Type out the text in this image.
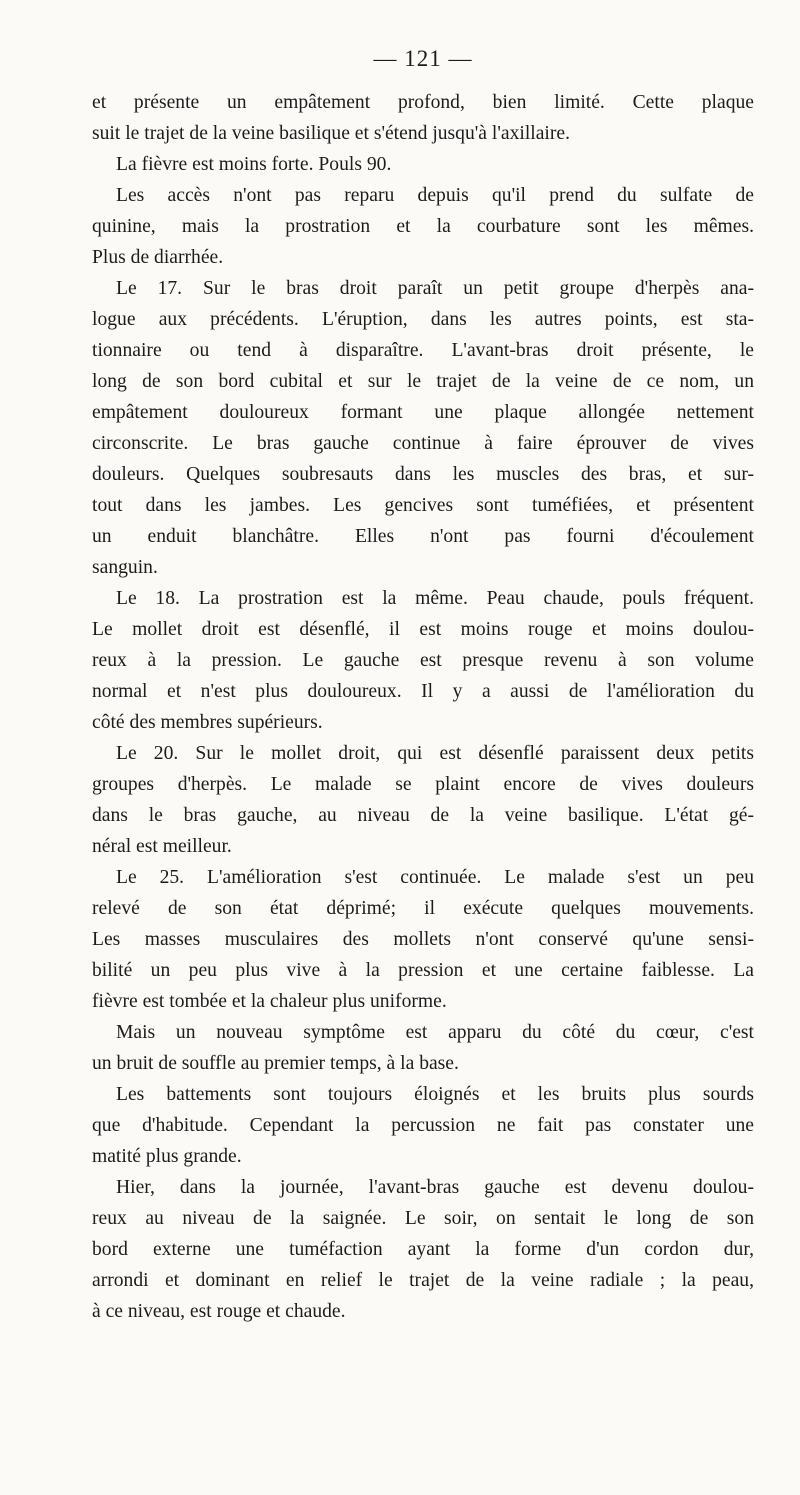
— 121 —
et présente un empâtement profond, bien limité. Cette plaque
suit le trajet de la veine basilique et s'étend jusqu'à l'axillaire.
La fièvre est moins forte. Pouls 90.
Les accès n'ont pas reparu depuis qu'il prend du sulfate de
quinine, mais la prostration et la courbature sont les mêmes.
Plus de diarrhée.
Le 17. Sur le bras droit paraît un petit groupe d'herpès ana-
logue aux précédents. L'éruption, dans les autres points, est sta-
tionnaire ou tend à disparaître. L'avant-bras droit présente, le
long de son bord cubital et sur le trajet de la veine de ce nom, un
empâtement douloureux formant une plaque allongée nettement
circonscrite. Le bras gauche continue à faire éprouver de vives
douleurs. Quelques soubresauts dans les muscles des bras, et sur-
tout dans les jambes. Les gencives sont tuméfiées, et présentent
un enduit blanchâtre. Elles n'ont pas fourni d'écoulement
sanguin.
Le 18. La prostration est la même. Peau chaude, pouls fréquent.
Le mollet droit est désenflé, il est moins rouge et moins doulou-
reux à la pression. Le gauche est presque revenu à son volume
normal et n'est plus douloureux. Il y a aussi de l'amélioration du
côté des membres supérieurs.
Le 20. Sur le mollet droit, qui est désenflé paraissent deux petits
groupes d'herpès. Le malade se plaint encore de vives douleurs
dans le bras gauche, au niveau de la veine basilique. L'état gé-
néral est meilleur.
Le 25. L'amélioration s'est continuée. Le malade s'est un peu
relevé de son état déprimé; il exécute quelques mouvements.
Les masses musculaires des mollets n'ont conservé qu'une sensi-
bilité un peu plus vive à la pression et une certaine faiblesse. La
fièvre est tombée et la chaleur plus uniforme.
Mais un nouveau symptôme est apparu du côté du cœur, c'est
un bruit de souffle au premier temps, à la base.
Les battements sont toujours éloignés et les bruits plus sourds
que d'habitude. Cependant la percussion ne fait pas constater une
matité plus grande.
Hier, dans la journée, l'avant-bras gauche est devenu doulou-
reux au niveau de la saignée. Le soir, on sentait le long de son
bord externe une tuméfaction ayant la forme d'un cordon dur,
arrondi et dominant en relief le trajet de la veine radiale ; la peau,
à ce niveau, est rouge et chaude.
